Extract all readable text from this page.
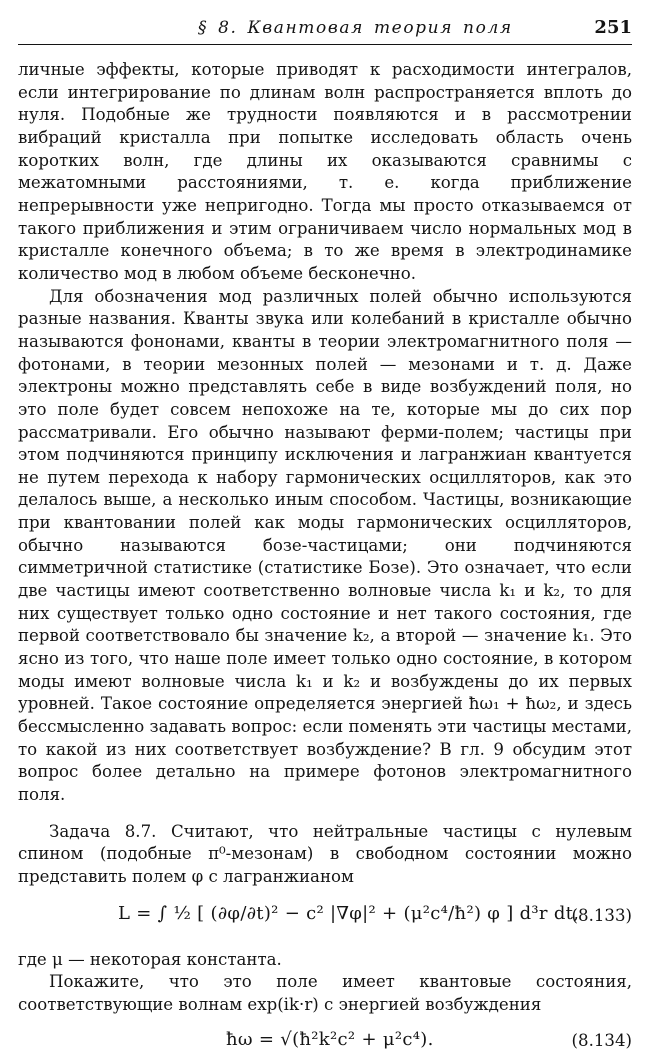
§ 8. Квантовая теория поля	251

личные эффекты, которые приводят к расходимости интегралов, если интегрирование по длинам волн распространяется вплоть до нуля. Подобные же трудности появляются и в рассмотрении вибраций кристалла при попытке исследовать область очень коротких волн, где длины их оказываются сравнимы с межатомными расстояниями, т. е. когда приближение непрерывности уже непригодно. Тогда мы просто отказываемся от такого приближения и этим ограничиваем число нормальных мод в кристалле конечного объема; в то же время в электродинамике количество мод в любом объеме бесконечно.

Для обозначения мод различных полей обычно используются разные названия. Кванты звука или колебаний в кристалле обычно называются фононами, кванты в теории электромагнитного поля — фотонами, в теории мезонных полей — мезонами и т. д. Даже электроны можно представлять себе в виде возбуждений поля, но это поле будет совсем непохоже на те, которые мы до сих пор рассматривали. Его обычно называют ферми-полем; частицы при этом подчиняются принципу исключения и лагранжиан квантуется не путем перехода к набору гармонических осцилляторов, как это делалось выше, а несколько иным способом. Частицы, возникающие при квантовании полей как моды гармонических осцилляторов, обычно называются бозе-частицами; они подчиняются симметричной статистике (статистике Бозе). Это означает, что если две частицы имеют соответственно волновые числа k₁ и k₂, то для них существует только одно состояние и нет такого состояния, где первой соответствовало бы значение k₂, а второй — значение k₁. Это ясно из того, что наше поле имеет только одно состояние, в котором моды имеют волновые числа k₁ и k₂ и возбуждены до их первых уровней. Такое состояние определяется энергией ħω₁ + ħω₂, и здесь бессмысленно задавать вопрос: если поменять эти частицы местами, то какой из них соответствует возбуждение? В гл. 9 обсудим этот вопрос более детально на примере фотонов электромагнитного поля.

Задача 8.7. Считают, что нейтральные частицы с нулевым спином (подобные π⁰-мезонам) в свободном состоянии можно представить полем φ с лагранжианом

L = ∫ ½ [ (∂φ/∂t)² − c² |∇φ|² + (μ²c⁴/ħ²) φ ] d³r dt,
(8.133)

где μ — некоторая константа.

Покажите, что это поле имеет квантовые состояния, соответствующие волнам exp(ik·r) с энергией возбуждения

ħω = √(ħ²k²c² + μ²c⁴).	(8.134)
